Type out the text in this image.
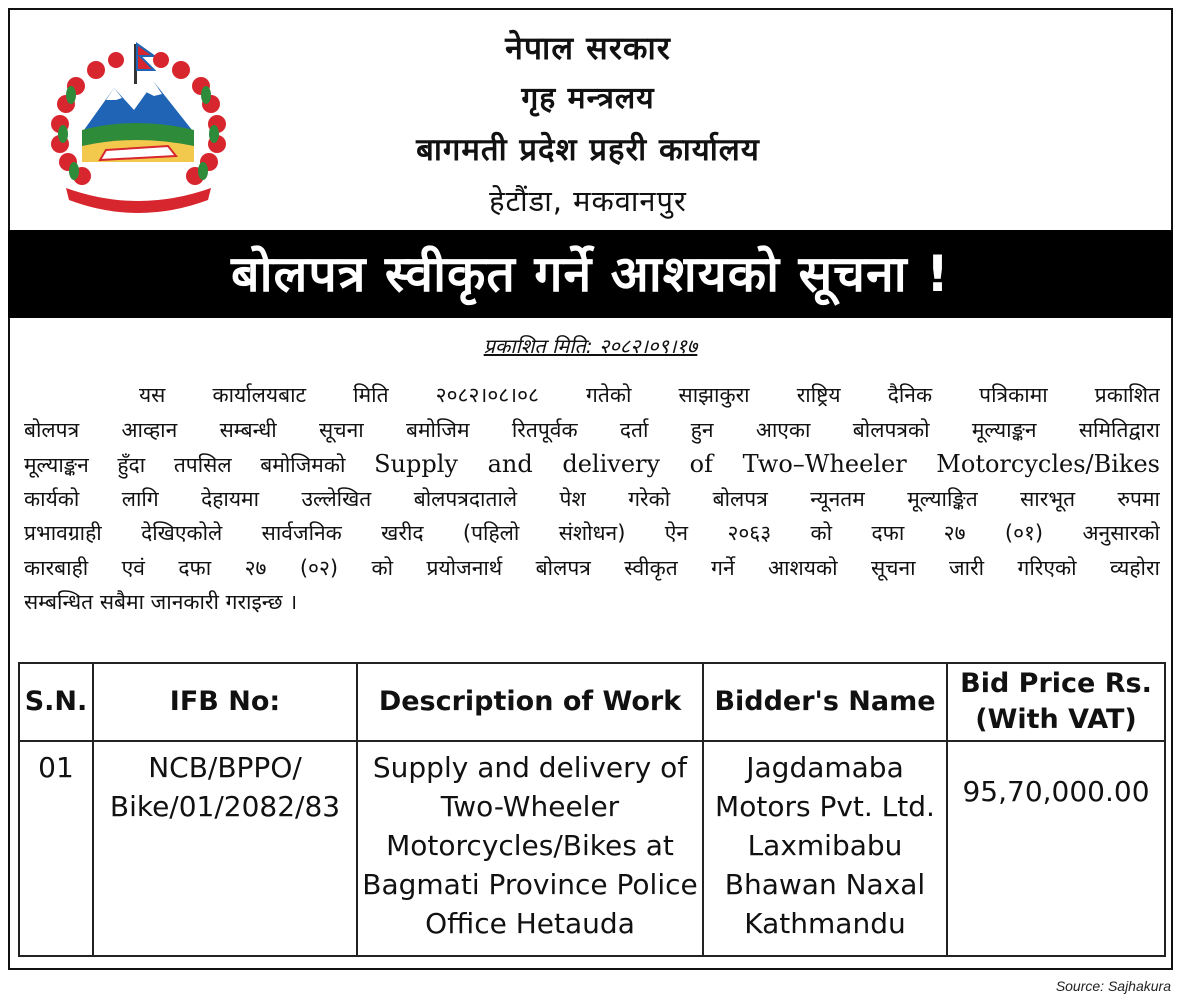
नेपाल सरकार
गृह मन्त्रलय
बागमती प्रदेश प्रहरी कार्यालय
हेटौंडा, मकवानपुर
बोलपत्र स्वीकृत गर्ने आशयको सूचना !
प्रकाशित मिति: २०८२।०९।१७
यस कार्यालयबाट मिति २०८२।०८।०८ गतेको साझाकुरा राष्ट्रिय दैनिक पत्रिकामा प्रकाशित
बोलपत्र आव्हान सम्बन्धी सूचना बमोजिम रितपूर्वक दर्ता हुन आएका बोलपत्रको मूल्याङ्कन समितिद्वारा
मूल्याङ्कन हुँदा तपसिल बमोजिमको Supply and delivery of Two–Wheeler Motorcycles/Bikes
कार्यको लागि देहायमा उल्लेखित बोलपत्रदाताले पेश गरेको बोलपत्र न्यूनतम मूल्याङ्कित सारभूत रुपमा
प्रभावग्राही देखिएकोले सार्वजनिक खरीद (पहिलो संशोधन) ऐन २०६३ को दफा २७ (०१) अनुसारको
कारबाही एवं दफा २७ (०२) को प्रयोजनार्थ बोलपत्र स्वीकृत गर्ने आशयको सूचना जारी गरिएको व्यहोरा
सम्बन्धित सबैमा जानकारी गराइन्छ ।
S.N.	IFB No:	Description of Work	Bidder's Name	Bid Price Rs. (With VAT)
01	NCB/BPPO/ Bike/01/2082/83	Supply and delivery of Two-Wheeler Motorcycles/Bikes at Bagmati Province Police Office Hetauda	Jagdamaba Motors Pvt. Ltd. Laxmibabu Bhawan Naxal Kathmandu	95,70,000.00
Source: Sajhakura
